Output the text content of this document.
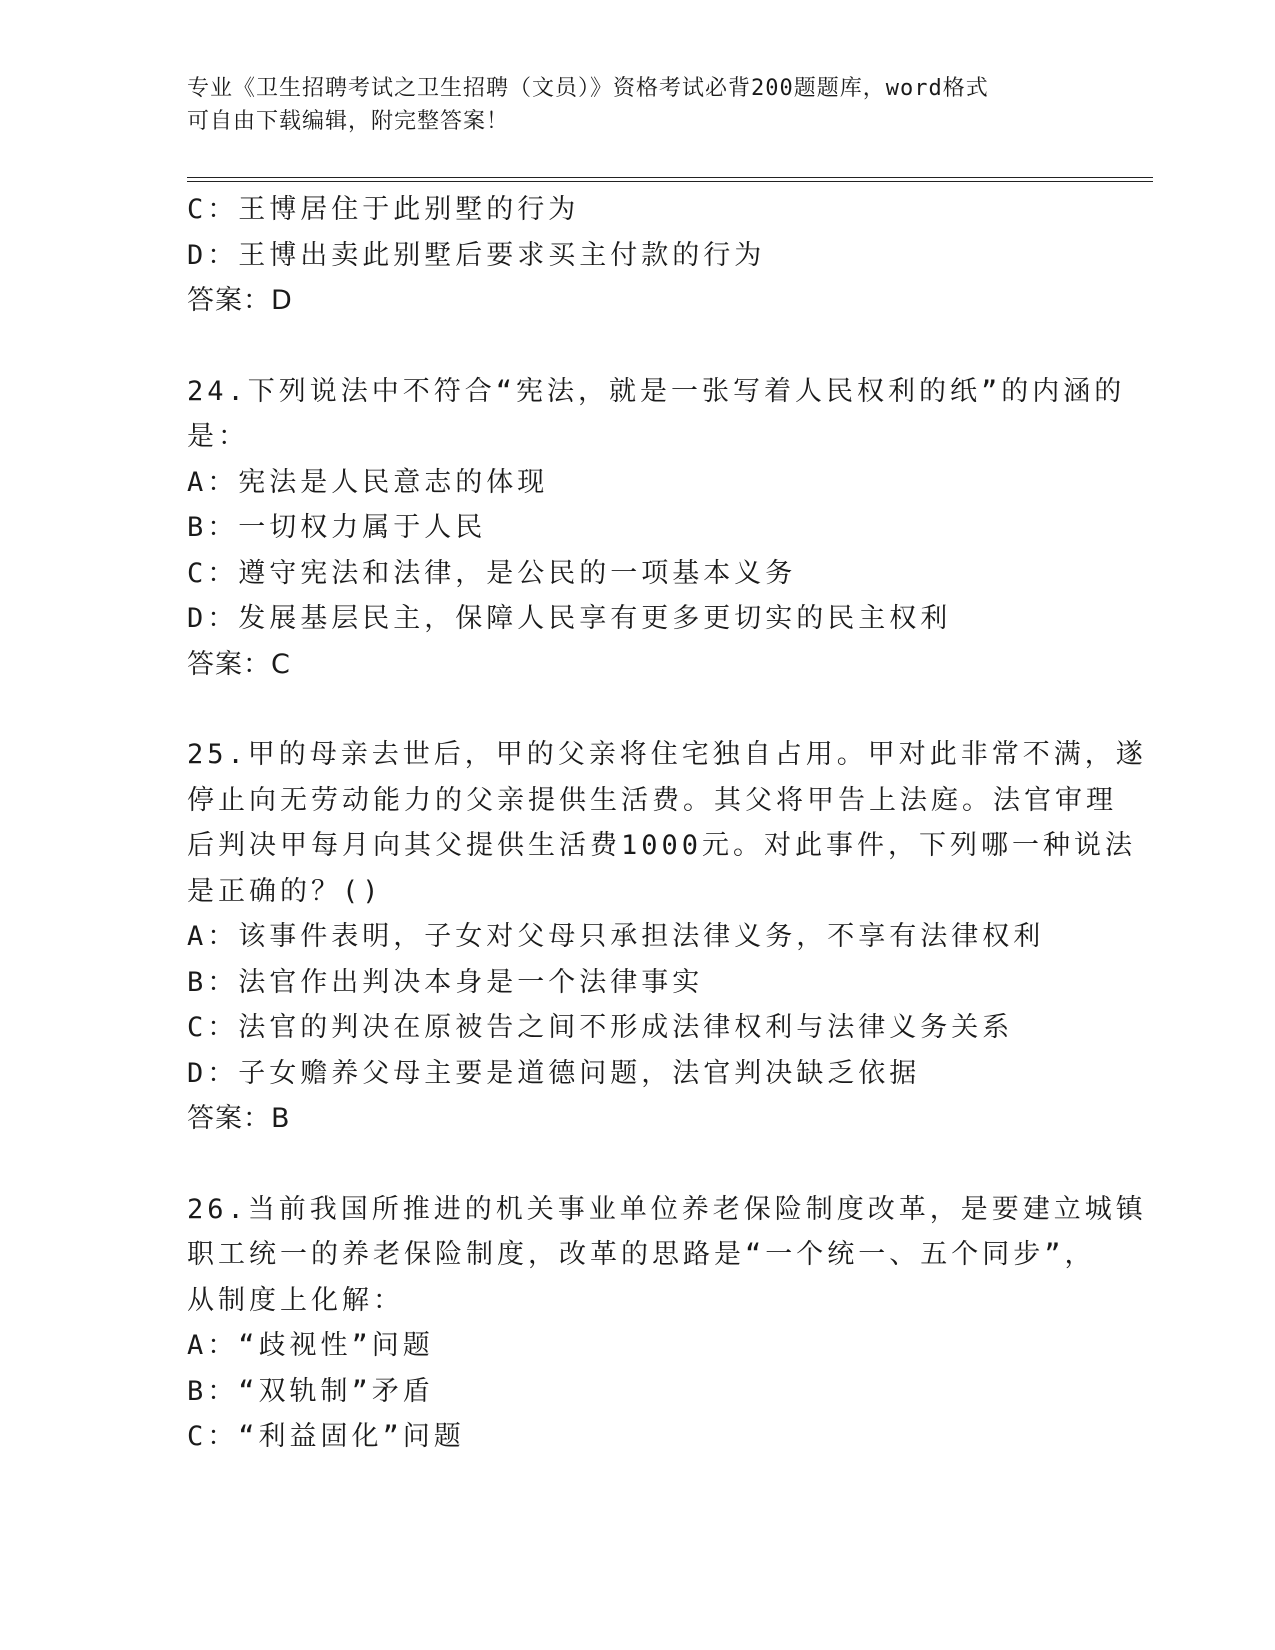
专业《卫生招聘考试之卫生招聘（文员）》资格考试必背200题题库，word格式
可自由下载编辑，附完整答案！
C：王博居住于此别墅的行为
D：王博出卖此别墅后要求买主付款的行为
答案：D
24.下列说法中不符合“宪法，就是一张写着人民权利的纸”的内涵的
是：
A：宪法是人民意志的体现
B：一切权力属于人民
C：遵守宪法和法律，是公民的一项基本义务
D：发展基层民主，保障人民享有更多更切实的民主权利
答案：C
25.甲的母亲去世后，甲的父亲将住宅独自占用。甲对此非常不满，遂
停止向无劳动能力的父亲提供生活费。其父将甲告上法庭。法官审理
后判决甲每月向其父提供生活费1000元。对此事件，下列哪一种说法
是正确的？()
A：该事件表明，子女对父母只承担法律义务，不享有法律权利
B：法官作出判决本身是一个法律事实
C：法官的判决在原被告之间不形成法律权利与法律义务关系
D：子女赡养父母主要是道德问题，法官判决缺乏依据
答案：B
26.当前我国所推进的机关事业单位养老保险制度改革，是要建立城镇
职工统一的养老保险制度，改革的思路是“一个统一、五个同步”，
从制度上化解：
A：“歧视性”问题
B：“双轨制”矛盾
C：“利益固化”问题
